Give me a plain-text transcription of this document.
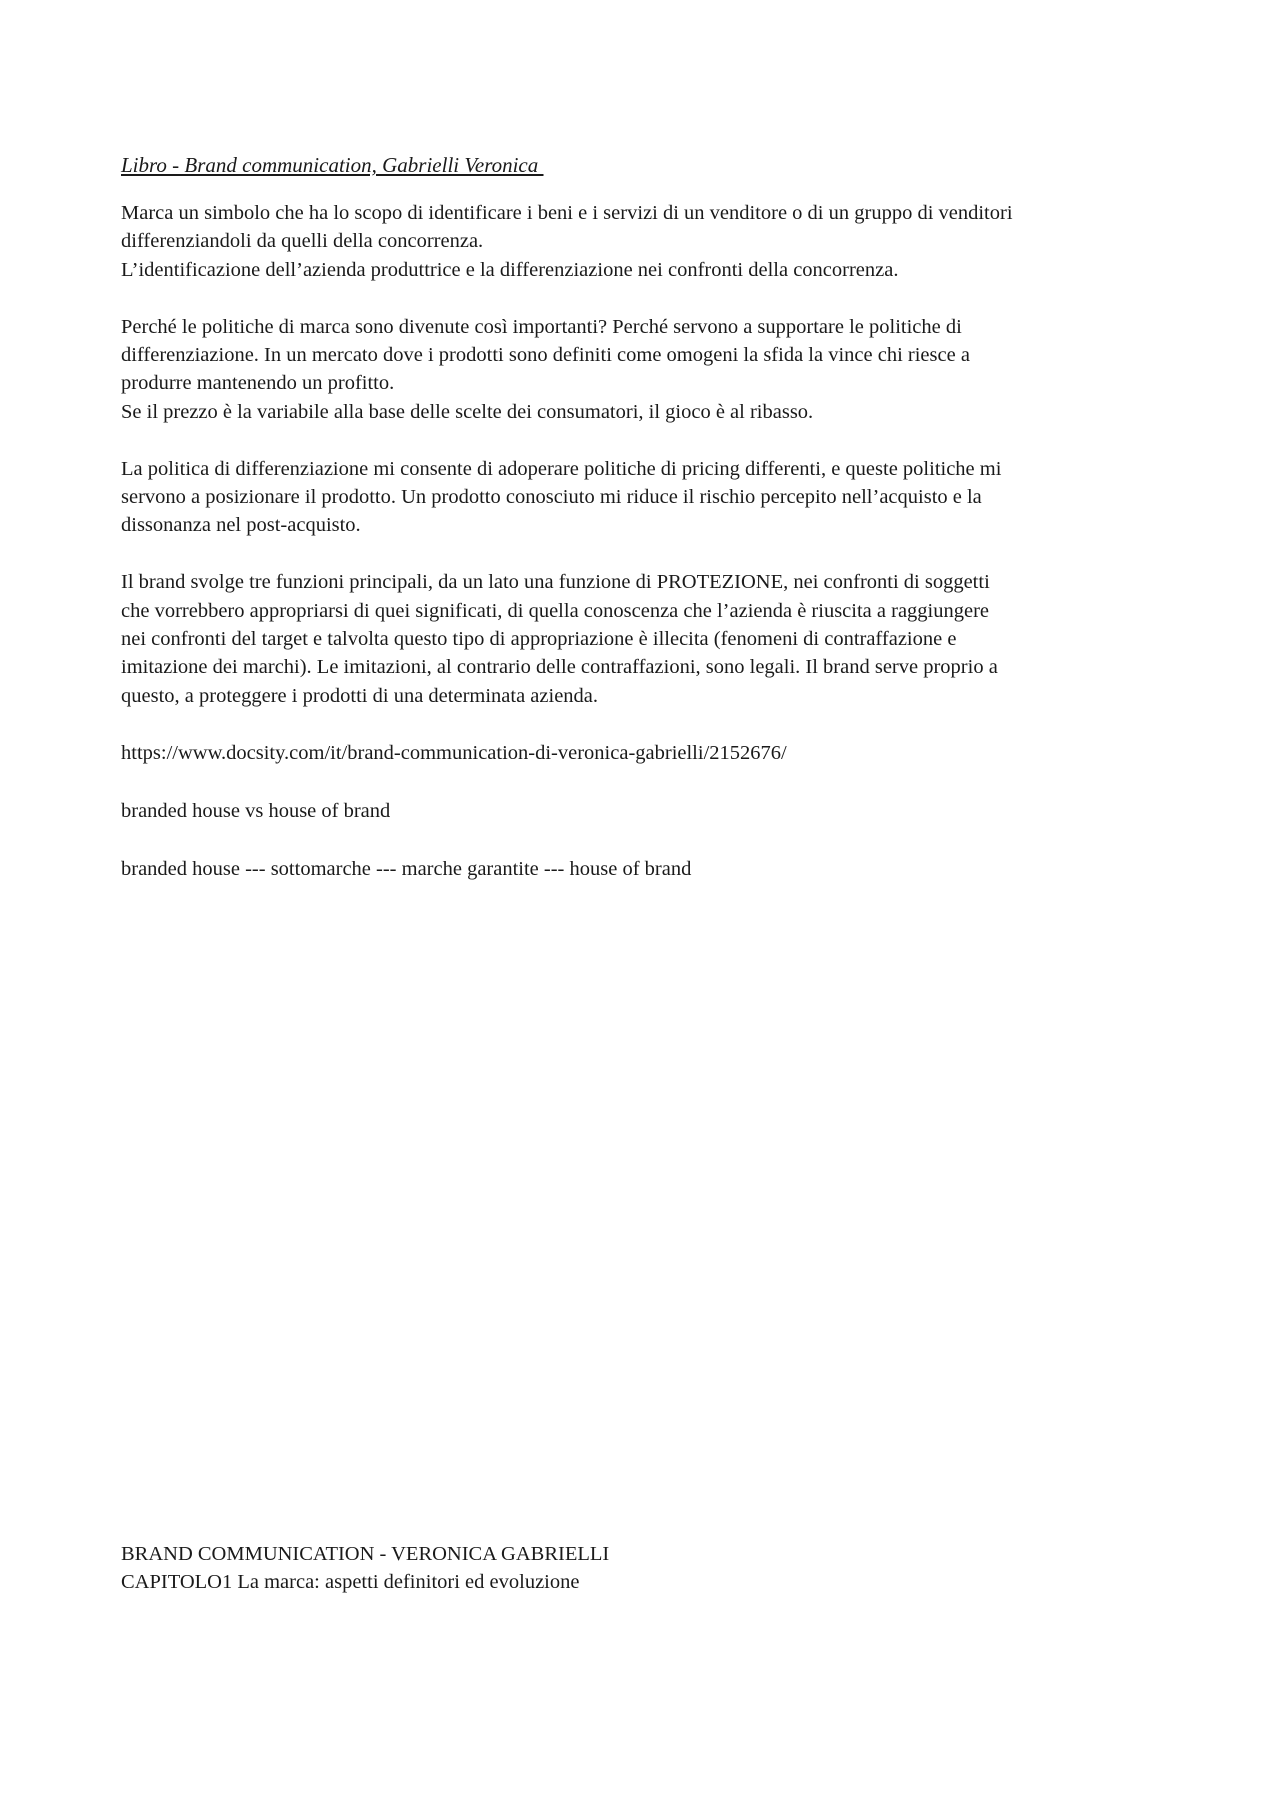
Libro - Brand communication, Gabrielli Veronica
Marca un simbolo che ha lo scopo di identificare i beni e i servizi di un venditore o di un gruppo di venditori
differenziandoli da quelli della concorrenza.
L’identificazione dell’azienda produttrice e la differenziazione nei confronti della concorrenza.
Perché le politiche di marca sono divenute così importanti? Perché servono a supportare le politiche di
differenziazione. In un mercato dove i prodotti sono definiti come omogeni la sfida la vince chi riesce a
produrre mantenendo un profitto.
Se il prezzo è la variabile alla base delle scelte dei consumatori, il gioco è al ribasso.
La politica di differenziazione mi consente di adoperare politiche di pricing differenti, e queste politiche mi
servono a posizionare il prodotto. Un prodotto conosciuto mi riduce il rischio percepito nell’acquisto e la
dissonanza nel post-acquisto.
Il brand svolge tre funzioni principali, da un lato una funzione di PROTEZIONE, nei confronti di soggetti
che vorrebbero appropriarsi di quei significati, di quella conoscenza che l’azienda è riuscita a raggiungere
nei confronti del target e talvolta questo tipo di appropriazione è illecita (fenomeni di contraffazione e
imitazione dei marchi). Le imitazioni, al contrario delle contraffazioni, sono legali. Il brand serve proprio a
questo, a proteggere i prodotti di una determinata azienda.
https://www.docsity.com/it/brand-communication-di-veronica-gabrielli/2152676/
branded house vs house of brand
branded house --- sottomarche --- marche garantite --- house of brand
BRAND COMMUNICATION - VERONICA GABRIELLI
CAPITOLO1 La marca: aspetti definitori ed evoluzione
